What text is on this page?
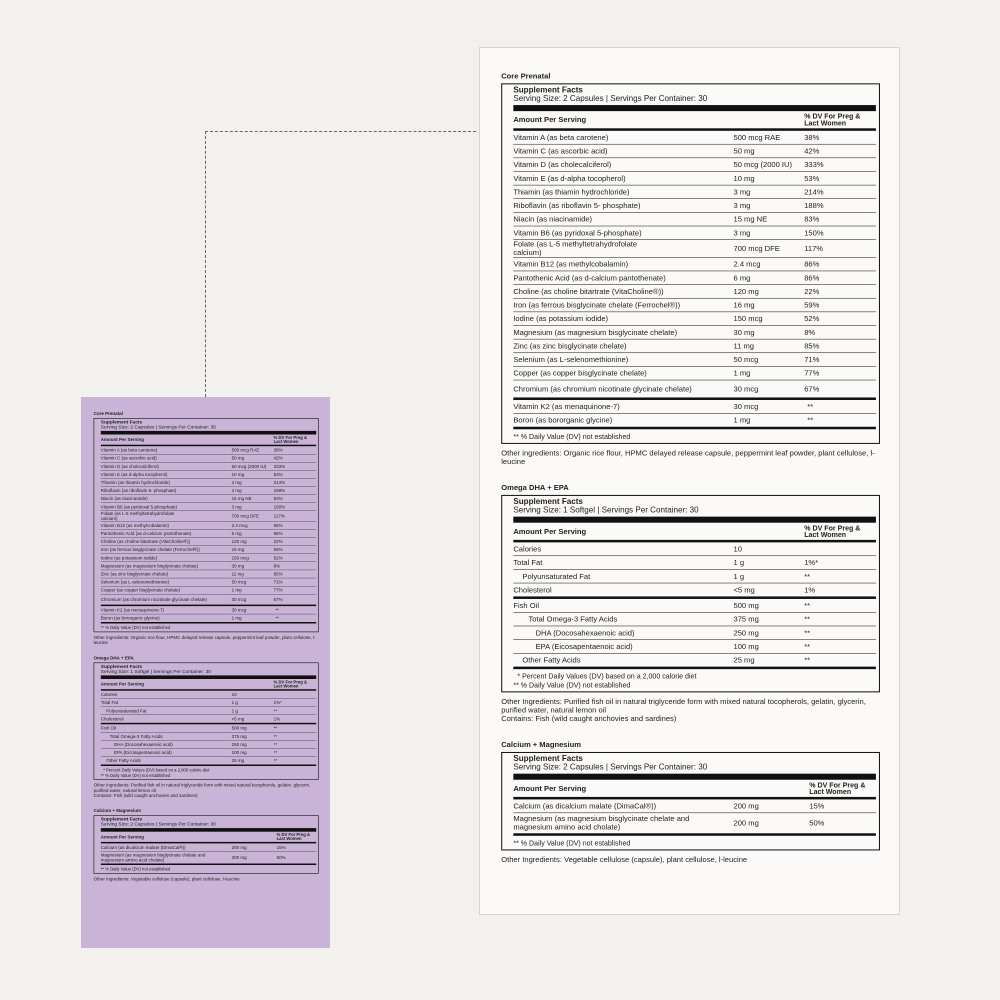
Core Prenatal
Supplement Facts
Serving Size: 2 Capsules | Servings Per Container: 30
Amount Per Serving	% DV For Preg & Lact Women
Vitamin A (as beta carotene)	500 mcg RAE 38%
Vitamin C (as ascorbic acid)	50 mg	42%
Vitamin D (as cholecalciferol)	50 mcg (2000 IU) 333%
Vitamin E (as d-alpha tocopherol)	10 mg	53%
Thiamin (as thiamin hydrochloride)	3 mg	214%
Riboflavin (as riboflavin 5- phosphate)	3 mg	188%
Niacin (as niacinamide)	15 mg NE	83%
Vitamin B6 (as pyridoxal 5-phosphate)	3 mg	150%
Folate (as L-5 methyltetrahydrofolate calcium)	700 mcg DFE 117%
Vitamin B12 (as methylcobalamin)	2.4 mcg	86%
Pantothenic Acid (as d-calcium pantothenate)	6 mg	86%
Choline (as choline bitartrate (VitaCholine®))	120 mg	22%
Iron (as ferrous bisglycinate chelate (Ferrochel®))	16 mg	59%
Iodine (as potassium iodide)	150 mcg	52%
Magnesium (as magnesium bisglycinate chelate)	30 mg	8%
Zinc (as zinc bisglycinate chelate)	11 mg	85%
Selenium (as L-selenomethionine)	50 mcg	71%
Copper (as copper bisglycinate chelate)	1 mg	77%
Chromium (as chromium nicotinate glycinate chelate)	30 mcg	67%
Vitamin K2 (as menaquinone-7)	30 mcg	**
Boron (as bororganic glycine)	1 mg	**
** % Daily Value (DV) not established
Other ingredients: Organic rice flour, HPMC delayed release capsule, peppermint leaf powder, plant cellulose, l-leucine
Omega DHA + EPA
Supplement Facts
Serving Size: 1 Softgel | Servings Per Container: 30
Amount Per Serving	% DV For Preg & Lact Women
Calories	10
Total Fat	1 g	1%*
Polyunsaturated Fat	1 g	**
Cholesterol	<5 mg	1%
Fish Oil	500 mg	**
Total Omega-3 Fatty Acids	375 mg	**
DHA (Docosahexaenoic acid)	250 mg	**
EPA (Eicosapentaenoic acid)	100 mg	**
Other Fatty Acids	25 mg	**
* Percent Daily Values (DV) based on a 2,000 calorie diet
** % Daily Value (DV) not established
Other Ingredients: Purified fish oil in natural triglyceride form with mixed natural tocopherols, gelatin, glycerin, purified water, natural lemon oil
Contains: Fish (wild caught anchovies and sardines)
Calcium + Magnesium
Supplement Facts
Serving Size: 2 Capsules | Servings Per Container: 30
Amount Per Serving	% DV For Preg & Lact Women
Calcium (as dicalcium malate (DimaCal®))	200 mg	15%
Magnesium (as magnesium bisglycinate chelate and magnesium amino acid cholate)	200 mg	50%
** % Daily Value (DV) not established
Other Ingredients: Vegetable cellulose (capsule), plant cellulose, l-leucine
Core Prenatal
Supplement Facts
Serving Size: 2 Capsules | Servings Per Container: 30
Amount Per Serving	% DV For Preg & Lact Women
Vitamin A (as beta carotene)	500 mcg RAE	38%
Vitamin C (as ascorbic acid)	50 mg	42%
Vitamin D (as cholecalciferol)	50 mcg (2000 IU) 333%
Vitamin E (as d-alpha tocopherol)	10 mg	53%
Thiamin (as thiamin hydrochloride)	3 mg	214%
Riboflavin (as riboflavin 5- phosphate)	3 mg	188%
Niacin (as niacinamide)	15 mg NE	83%
Vitamin B6 (as pyridoxal 5-phosphate)	3 mg	150%
Folate (as L-5 methyltetrahydrofolate calcium)	700 mcg DFE	117%
Vitamin B12 (as methylcobalamin)	2.4 mcg	86%
Pantothenic Acid (as d-calcium pantothenate)	6 mg	86%
Choline (as choline bitartrate (VitaCholine®))	120 mg	22%
Iron (as ferrous bisglycinate chelate (Ferrochel®))	16 mg	59%
Iodine (as potassium iodide)	150 mcg	52%
Magnesium (as magnesium bisglycinate chelate)	30 mg	8%
Zinc (as zinc bisglycinate chelate)	11 mg	85%
Selenium (as L-selenomethionine)	50 mcg	71%
Copper (as copper bisglycinate chelate)	1 mg	77%
Chromium (as chromium nicotinate glycinate chelate)	30 mcg	67%
Vitamin K2 (as menaquinone-7)	30 mcg	**
Boron (as bororganic glycine)	1 mg	**
** % Daily Value (DV) not established
Other ingredients: Organic rice flour, HPMC delayed release capsule, peppermint leaf powder, plant cellulose, l-leucine
Omega DHA + EPA
Supplement Facts
Serving Size: 1 Softgel | Servings Per Container: 30
Amount Per Serving	% DV For Preg & Lact Women
Calories	10
Total Fat	1 g	1%*
Polyunsaturated Fat	1 g	**
Cholesterol	<5 mg	1%
Fish Oil	500 mg	**
Total Omega-3 Fatty Acids	375 mg	**
DHA (Docosahexaenoic acid)	250 mg	**
EPA (Eicosapentaenoic acid)	100 mg	**
Other Fatty Acids	25 mg	**
* Percent Daily Values (DV) based on a 2,000 calorie diet
** % Daily Value (DV) not established
Other Ingredients: Purified fish oil in natural triglyceride form with mixed natural tocopherols, gelatin, glycerin, purified water, natural lemon oil
Contains: Fish (wild caught anchovies and sardines)
Calcium + Magnesium
Supplement Facts
Serving Size: 2 Capsules | Servings Per Container: 30
Amount Per Serving	% DV For Preg & Lact Women
Calcium (as dicalcium malate (DimaCal®))	200 mg	15%
Magnesium (as magnesium bisglycinate chelate and magnesium amino acid cholate)	200 mg	50%
** % Daily Value (DV) not established
Other Ingredients: Vegetable cellulose (capsule), plant cellulose, l-leucine
